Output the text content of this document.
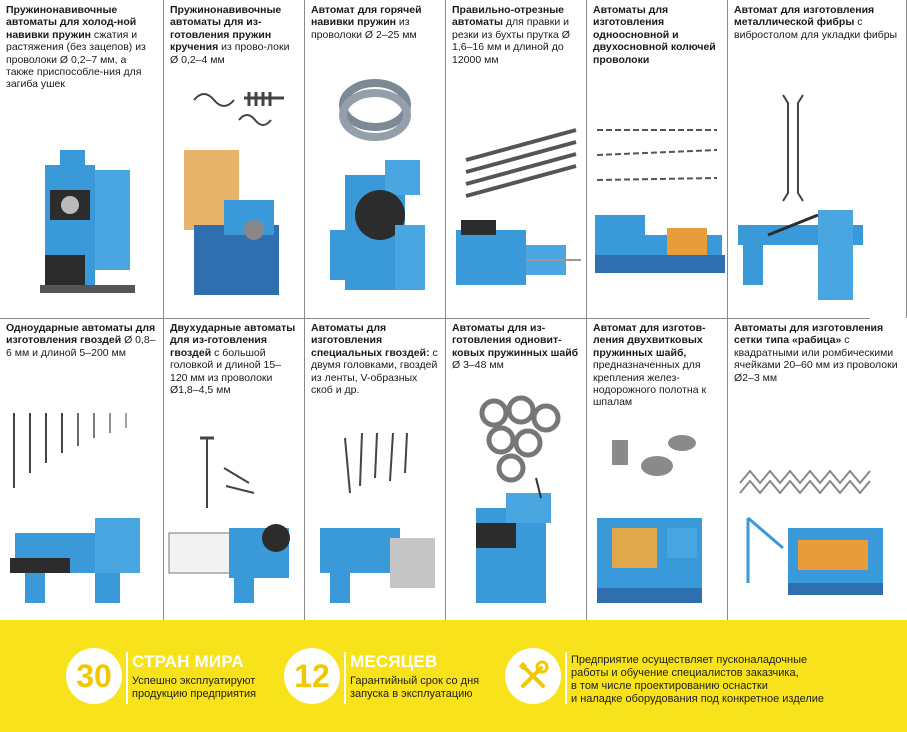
Пружинонавивочные автоматы для холод-ной навивки пружин сжатия и растяжения (без зацепов) из проволоки Ø 0,2–7 мм, а также приспособле-ния для загиба ушек

Пружинонавивочные автоматы для из-готовления пружин кручения из прово-локи Ø 0,2–4 мм

Автомат для горячей навивки пружин из проволоки Ø 2–25 мм

Правильно-отрезные автоматы для правки и резки из бухты прутка Ø 1,6–16 мм и длиной до 12000 мм

Автоматы для изготовления одноосновной и двухосновной колючей проволоки

Автомат для изготовления металлической фибры с вибростолом для укладки фибры

Одноударные автоматы для изготовления гвоздей Ø 0,8–6 мм и длиной 5–200 мм

Двухударные автоматы для из-готовления гвоздей с большой головкой и длиной 15–120 мм из проволоки Ø1,8–4,5 мм

Автоматы для изготовления специальных гвоздей: с двумя головками, гвоздей из ленты, V-образных скоб и др.

Автоматы для из-готовления одновит-ковых пружинных шайб Ø 3–48 мм

Автомат для изготов-ления двухвитковых пружинных шайб, предназначенных для крепления желез-нодорожного полотна к шпалам

Автоматы для изготовления сетки типа «рабица» с квадратными или ромбическими ячейками 20–60 мм из проволоки Ø2–3 мм

30 СТРАН МИРА
Успешно эксплуатируют
продукцию предприятия
12 МЕСЯЦЕВ
Гарантийный срок со дня
запуска в эксплуатацию
Предприятие осуществляет пусконаладочные
работы и обучение специалистов заказчика,
в том числе проектированию оснастки
и наладке оборудования под конкретное изделие
